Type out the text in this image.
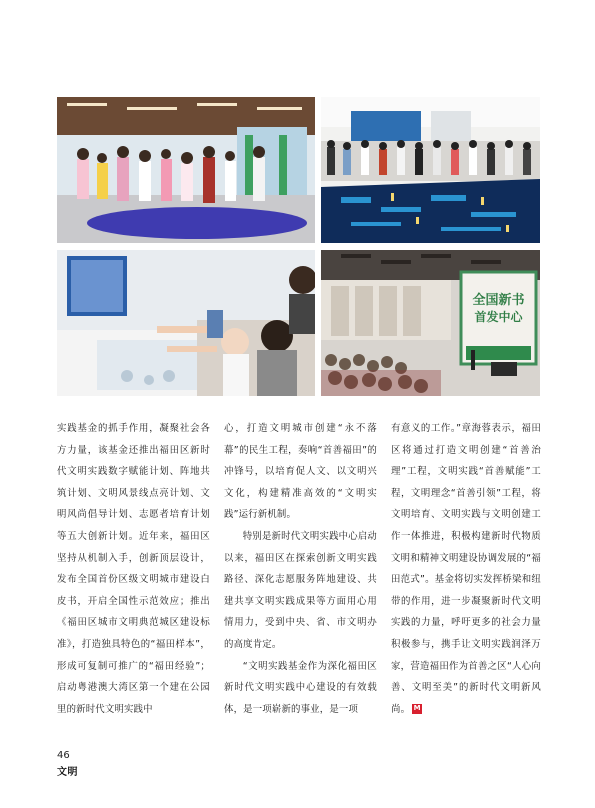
全国新书
首发中心

实践基金的抓手作用，凝聚社会各方力量，该基金还推出福田区新时代文明实践数字赋能计划、阵地共筑计划、文明风景线点亮计划、文明风尚倡导计划、志愿者培育计划等五大创新计划。近年来，福田区坚持从机制入手，创新顶层设计，发布全国首份区级文明城市建设白皮书，开启全国性示范效应；推出《福田区城市文明典范城区建设标准》，打造独具特色的“福田样本”，形成可复制可推广的“福田经验”；启动粤港澳大湾区第一个建在公园里的新时代文明实践中

心，打造文明城市创建“永不落幕”的民生工程，奏响“首善福田”的冲锋号，以培育促人文、以文明兴文化，构建精准高效的“文明实践”运行新机制。

特别是新时代文明实践中心启动以来，福田区在探索创新文明实践路径、深化志愿服务阵地建设、共建共享文明实践成果等方面用心用情用力，受到中央、省、市文明办的高度肯定。

“文明实践基金作为深化福田区新时代文明实践中心建设的有效载体，是一项崭新的事业，是一项

有意义的工作。”章海蓉表示，福田区将通过打造文明创建“首善治理”工程，文明实践“首善赋能”工程，文明理念“首善引领”工程，将文明培育、文明实践与文明创建工作一体推进，积极构建新时代物质文明和精神文明建设协调发展的“福田范式”。基金将切实发挥桥梁和纽带的作用，进一步凝聚新时代文明实践的力量，呼吁更多的社会力量积极参与，携手让文明实践润泽万家，营造福田作为首善之区“人心向善、文明至美”的新时代文明新风尚。 M

46
文明
